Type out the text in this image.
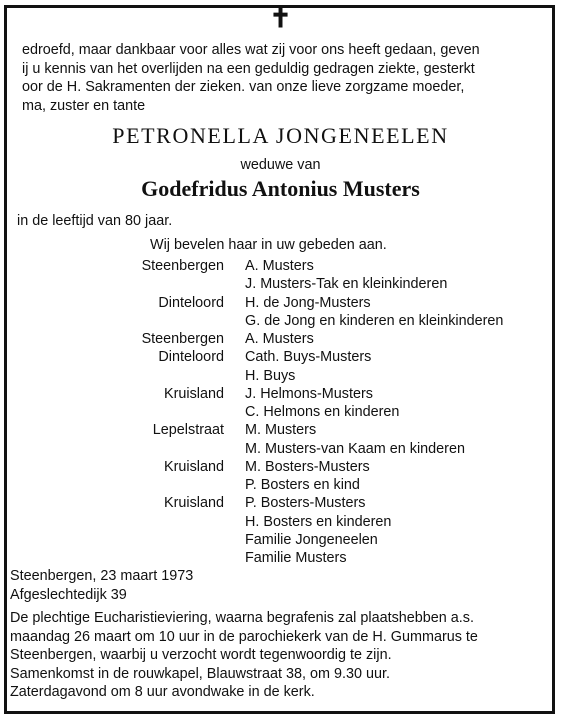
✝
edroefd, maar dankbaar voor alles wat zij voor ons heeft gedaan, geven
ij u kennis van het overlijden na een geduldig gedragen ziekte, gesterkt
oor de H. Sakramenten der zieken. van onze lieve zorgzame moeder,
ma, zuster en tante
PETRONELLA JONGENEELEN
weduwe van
Godefridus Antonius Musters
in de leeftijd van 80 jaar.
Wij bevelen haar in uw gebeden aan.
Steenbergen A. Musters
J. Musters-Tak en kleinkinderen
Dinteloord H. de Jong-Musters
G. de Jong en kinderen en kleinkinderen
Steenbergen A. Musters
Dinteloord Cath. Buys-Musters
H. Buys
Kruisland J. Helmons-Musters
C. Helmons en kinderen
Lepelstraat M. Musters
M. Musters-van Kaam en kinderen
Kruisland M. Bosters-Musters
P. Bosters en kind
Kruisland P. Bosters-Musters
H. Bosters en kinderen
Familie Jongeneelen
Familie Musters
Steenbergen, 23 maart 1973
Afgeslechtedijk 39
De plechtige Eucharistieviering, waarna begrafenis zal plaatshebben a.s.
maandag 26 maart om 10 uur in de parochiekerk van de H. Gummarus te
Steenbergen, waarbij u verzocht wordt tegenwoordig te zijn.
Samenkomst in de rouwkapel, Blauwstraat 38, om 9.30 uur.
Zaterdagavond om 8 uur avondwake in de kerk.
